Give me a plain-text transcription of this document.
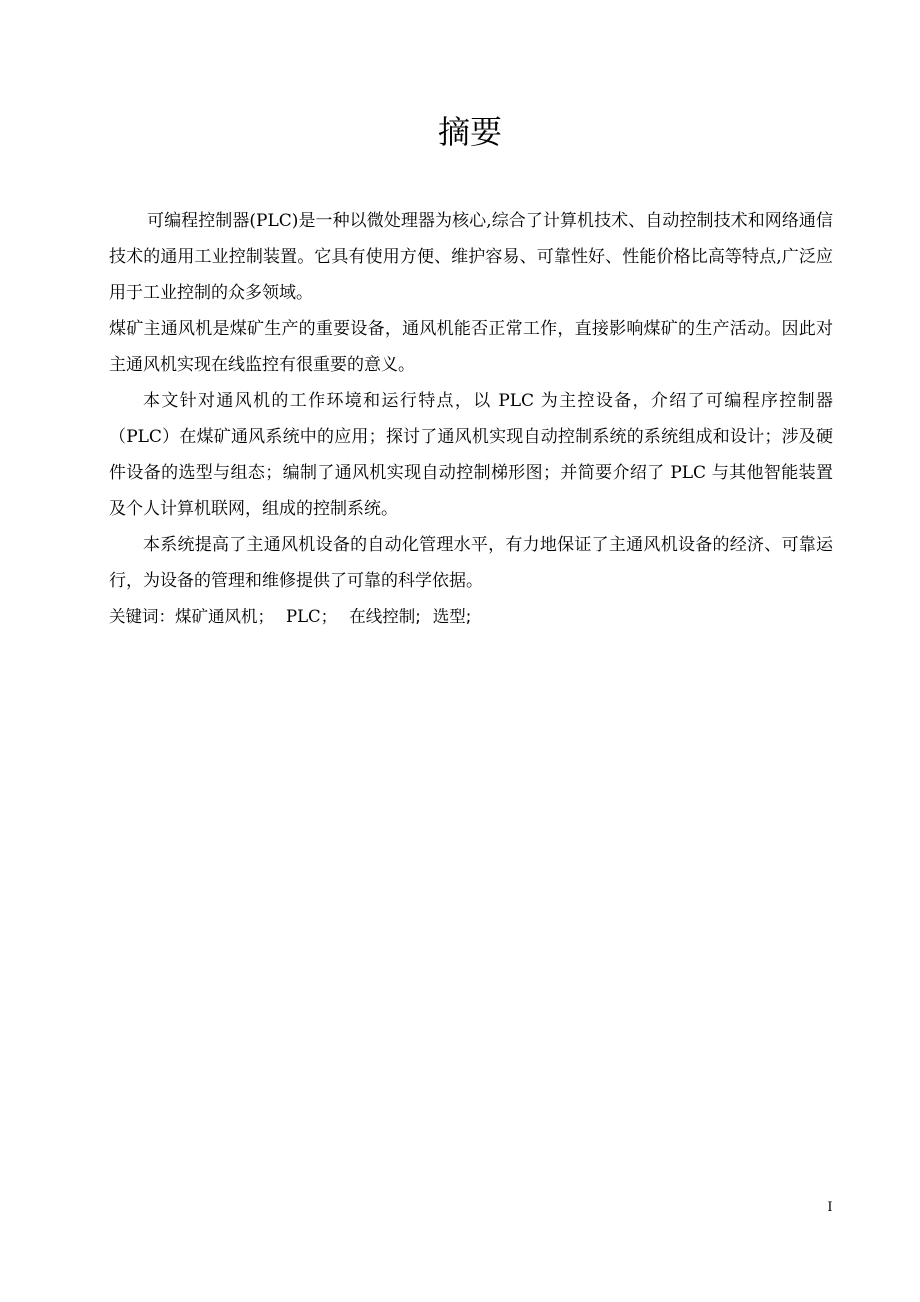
摘要

可编程控制器(PLC)是一种以微处理器为核心,综合了计算机技术、自动控制技术和网络通信技术的通用工业控制装置。它具有使用方便、维护容易、可靠性好、性能价格比高等特点,广泛应用于工业控制的众多领域。

煤矿主通风机是煤矿生产的重要设备，通风机能否正常工作，直接影响煤矿的生产活动。因此对主通风机实现在线监控有很重要的意义。

本文针对通风机的工作环境和运行特点，以 PLC 为主控设备，介绍了可编程序控制器（PLC）在煤矿通风系统中的应用；探讨了通风机实现自动控制系统的系统组成和设计；涉及硬件设备的选型与组态；编制了通风机实现自动控制梯形图；并简要介绍了 PLC 与其他智能装置及个人计算机联网，组成的控制系统。

本系统提高了主通风机设备的自动化管理水平，有力地保证了主通风机设备的经济、可靠运行，为设备的管理和维修提供了可靠的科学依据。

关键词：煤矿通风机； PLC； 在线控制; 选型;

I
